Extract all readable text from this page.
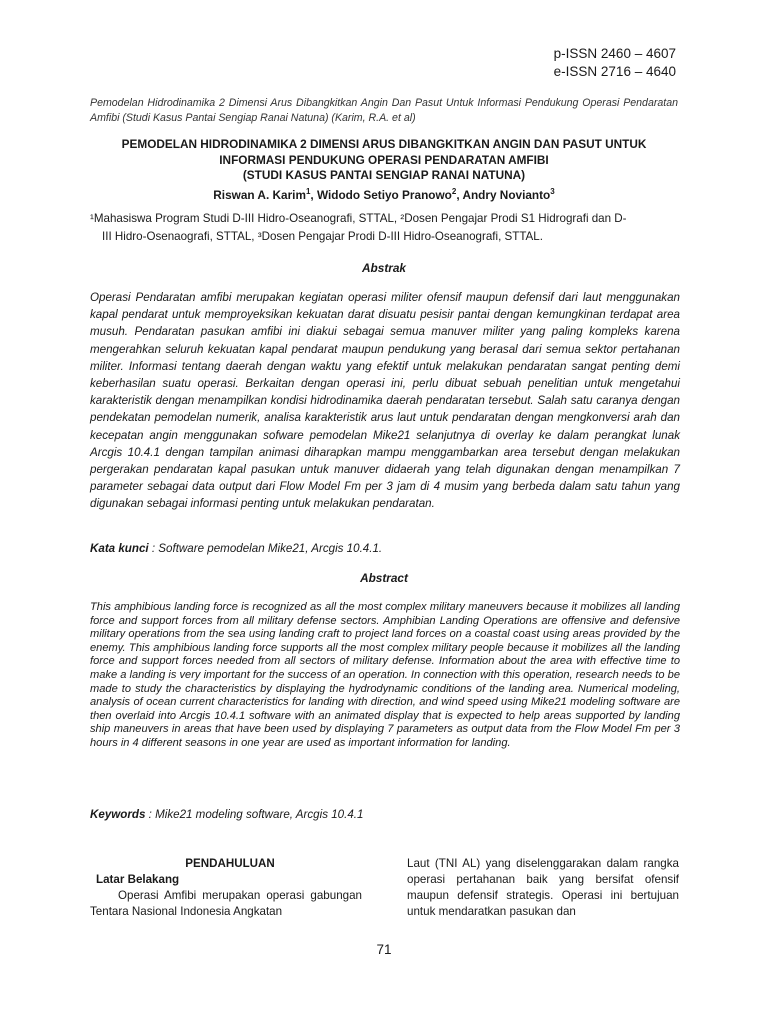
p-ISSN 2460 – 4607
e-ISSN 2716 – 4640
Pemodelan Hidrodinamika 2 Dimensi Arus Dibangkitkan Angin Dan Pasut Untuk Informasi Pendukung Operasi Pendaratan Amfibi (Studi Kasus Pantai Sengiap Ranai Natuna) (Karim, R.A. et al)
PEMODELAN HIDRODINAMIKA 2 DIMENSI ARUS DIBANGKITKAN ANGIN DAN PASUT UNTUK
INFORMASI PENDUKUNG OPERASI PENDARATAN AMFIBI
(STUDI KASUS PANTAI SENGIAP RANAI NATUNA)
Riswan A. Karim$^1$, Widodo Setiyo Pranowo$^2$, Andry Novianto$^3$
¹Mahasiswa Program Studi D-III Hidro-Oseanografi, STTAL, ²Dosen Pengajar Prodi S1 Hidrografi dan D-
III Hidro-Osenaografi, STTAL, ³Dosen Pengajar Prodi D-III Hidro-Oseanografi, STTAL.
Abstrak
Operasi Pendaratan amfibi merupakan kegiatan operasi militer ofensif maupun defensif dari laut menggunakan kapal pendarat untuk memproyeksikan kekuatan darat disuatu pesisir pantai dengan kemungkinan terdapat area musuh. Pendaratan pasukan amfibi ini diakui sebagai semua manuver militer yang paling kompleks karena mengerahkan seluruh kekuatan kapal pendarat maupun pendukung yang berasal dari semua sektor pertahanan militer. Informasi tentang daerah dengan waktu yang efektif untuk melakukan pendaratan sangat penting demi keberhasilan suatu operasi. Berkaitan dengan operasi ini, perlu dibuat sebuah penelitian untuk mengetahui karakteristik dengan menampilkan kondisi hidrodinamika daerah pendaratan tersebut. Salah satu caranya dengan pendekatan pemodelan numerik, analisa karakteristik arus laut untuk pendaratan dengan mengkonversi arah dan kecepatan angin menggunakan sofware pemodelan Mike21 selanjutnya di overlay ke dalam perangkat lunak Arcgis 10.4.1 dengan tampilan animasi diharapkan mampu menggambarkan area tersebut dengan melakukan pergerakan pendaratan kapal pasukan untuk manuver didaerah yang telah digunakan dengan menampilkan 7 parameter sebagai data output dari Flow Model Fm per 3 jam di 4 musim yang berbeda dalam satu tahun yang digunakan sebagai informasi penting untuk melakukan pendaratan.
Kata kunci : Software pemodelan Mike21, Arcgis 10.4.1.
Abstract
This amphibious landing force is recognized as all the most complex military maneuvers because it mobilizes all landing force and support forces from all military defense sectors. Amphibian Landing Operations are offensive and defensive military operations from the sea using landing craft to project land forces on a coastal coast using areas provided by the enemy. This amphibious landing force supports all the most complex military people because it mobilizes all the landing force and support forces needed from all sectors of military defense. Information about the area with effective time to make a landing is very important for the success of an operation. In connection with this operation, research needs to be made to study the characteristics by displaying the hydrodynamic conditions of the landing area. Numerical modeling, analysis of ocean current characteristics for landing with direction, and wind speed using Mike21 modeling software are then overlaid into Arcgis 10.4.1 software with an animated display that is expected to help areas supported by landing ship maneuvers in areas that have been used by displaying 7 parameters as output data from the Flow Model Fm per 3 hours in 4 different seasons in one year are used as important information for landing.
Keywords : Mike21 modeling software, Arcgis 10.4.1
PENDAHULUAN
Latar Belakang
Operasi Amfibi merupakan operasi gabungan Tentara Nasional Indonesia Angkatan
Laut (TNI AL) yang diselenggarakan dalam rangka operasi pertahanan baik yang bersifat ofensif maupun defensif strategis. Operasi ini bertujuan untuk mendaratkan pasukan dan
71
